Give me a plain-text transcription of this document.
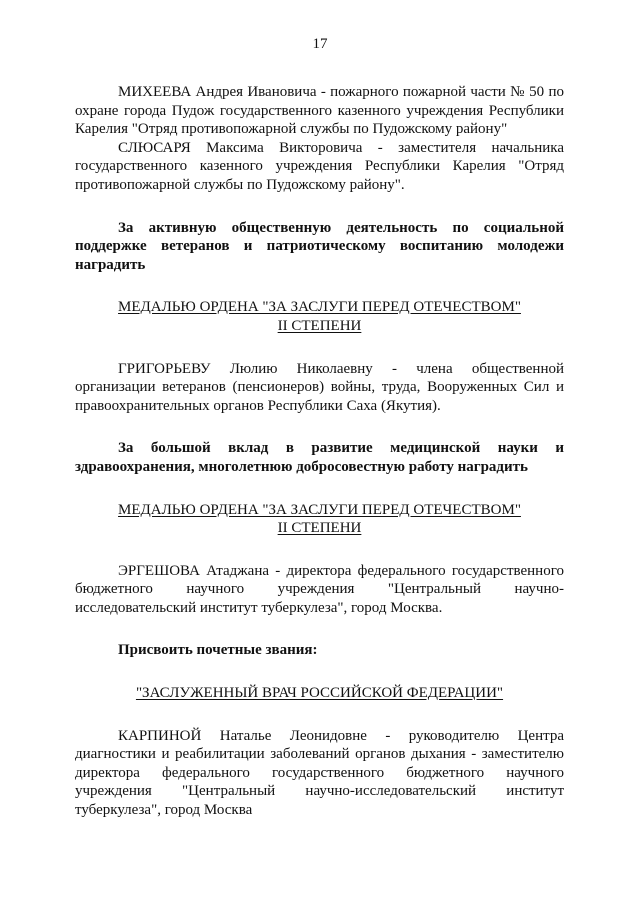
17

МИХЕЕВА Андрея Ивановича - пожарного пожарной части № 50 по охране города Пудож государственного казенного учреждения Республики Карелия "Отряд противопожарной службы по Пудожскому району"

СЛЮСАРЯ Максима Викторовича - заместителя начальника государственного казенного учреждения Республики Карелия "Отряд противопожарной службы по Пудожскому району".

За активную общественную деятельность по социальной поддержке ветеранов и патриотическому воспитанию молодежи наградить

МЕДАЛЬЮ ОРДЕНА "ЗА ЗАСЛУГИ ПЕРЕД ОТЕЧЕСТВОМ"

II СТЕПЕНИ

ГРИГОРЬЕВУ Люлию Николаевну - члена общественной организации ветеранов (пенсионеров) войны, труда, Вооруженных Сил и правоохранительных органов Республики Саха (Якутия).

За большой вклад в развитие медицинской науки и здравоохранения, многолетнюю добросовестную работу наградить

МЕДАЛЬЮ ОРДЕНА "ЗА ЗАСЛУГИ ПЕРЕД ОТЕЧЕСТВОМ"

II СТЕПЕНИ

ЭРГЕШОВА Атаджана - директора федерального государственного бюджетного научного учреждения "Центральный научно-исследовательский институт туберкулеза", город Москва.

Присвоить почетные звания:

"ЗАСЛУЖЕННЫЙ ВРАЧ РОССИЙСКОЙ ФЕДЕРАЦИИ"

КАРПИНОЙ Наталье Леонидовне - руководителю Центра диагностики и реабилитации заболеваний органов дыхания - заместителю директора федерального государственного бюджетного научного учреждения "Центральный научно-исследовательский институт туберкулеза", город Москва
